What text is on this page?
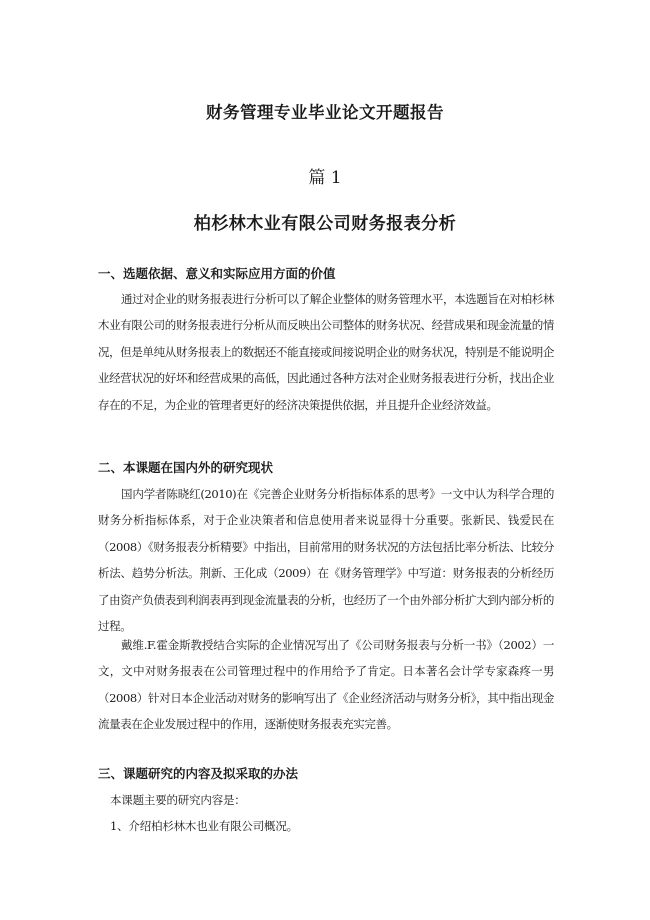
财务管理专业毕业论文开题报告
篇 1
柏杉林木业有限公司财务报表分析
一、选题依据、意义和实际应用方面的价值

通过对企业的财务报表进行分析可以了解企业整体的财务管理水平，本选题旨在对柏杉林木业有限公司的财务报表进行分析从而反映出公司整体的财务状况、经营成果和现金流量的情况，但是单纯从财务报表上的数据还不能直接或间接说明企业的财务状况，特别是不能说明企业经营状况的好坏和经营成果的高低，因此通过各种方法对企业财务报表进行分析，找出企业存在的不足，为企业的管理者更好的经济决策提供依据，并且提升企业经济效益。

二、本课题在国内外的研究现状

国内学者陈晓红(2010)在《完善企业财务分析指标体系的思考》一文中认为科学合理的财务分析指标体系，对于企业决策者和信息使用者来说显得十分重要。张新民、钱爱民在（2008）《财务报表分析精要》中指出，目前常用的财务状况的方法包括比率分析法、比较分析法、趋势分析法。荆新、王化成（2009）在《财务管理学》中写道：财务报表的分析经历了由资产负债表到利润表再到现金流量表的分析，也经历了一个由外部分析扩大到内部分析的过程。

戴维.F.霍金斯教授结合实际的企业情况写出了《公司财务报表与分析一书》（2002）一文，文中对财务报表在公司管理过程中的作用给予了肯定。日本著名会计学专家森疼一男（2008）针对日本企业活动对财务的影响写出了《企业经济活动与财务分析》，其中指出现金流量表在企业发展过程中的作用，逐渐使财务报表充实完善。

三、课题研究的内容及拟采取的办法
本课题主要的研究内容是：
1、介绍柏杉林木也业有限公司概况。
